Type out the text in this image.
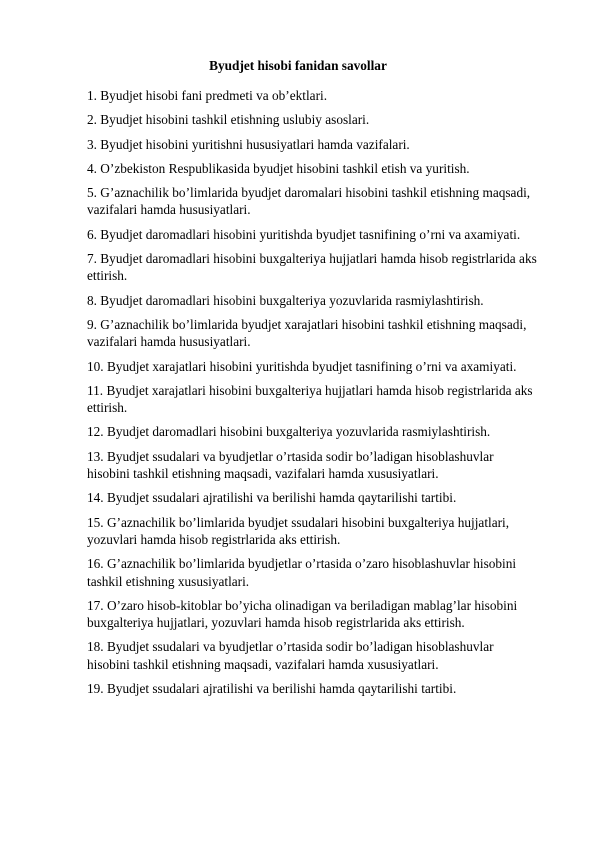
Byudjet hisobi fanidan savollar
1. Byudjet hisobi fani predmeti va ob’еktlari.
2. Byudjet hisobini tashkil etishning uslubiy asoslari.
3. Byudjet hisobini yuritishni hususiyatlari hamda vazifalari.
4. O’zbekiston Respublikasida byudjet hisobini tashkil etish va yuritish.
5. G’aznachilik bo’limlarida byudjet daromalari hisobini tashkil etishning maqsadi, vazifalari hamda hususiyatlari.
6. Byudjet daromadlari hisobini yuritishda byudjet tasnifining o’rni va axamiyati.
7. Byudjet daromadlari hisobini buxgalteriya hujjatlari hamda hisob registrlarida aks ettirish.
8. Byudjet daromadlari hisobini buxgalteriya yozuvlarida rasmiylashtirish.
9. G’aznachilik bo’limlarida byudjet xarajatlari hisobini tashkil etishning maqsadi, vazifalari hamda hususiyatlari.
10. Byudjet xarajatlari hisobini yuritishda byudjet tasnifining o’rni va axamiyati.
11. Byudjet xarajatlari hisobini buxgalteriya hujjatlari hamda hisob registrlarida aks ettirish.
12. Byudjet daromadlari hisobini buxgalteriya yozuvlarida rasmiylashtirish.
13. Byudjet ssudalari va byudjetlar o’rtasida sodir bo’ladigan hisoblashuvlar hisobini tashkil etishning maqsadi, vazifalari hamda xususiyatlari.
14. Byudjet ssudalari ajratilishi va berilishi hamda qaytarilishi tartibi.
15. G’aznachilik bo’limlarida byudjet ssudalari hisobini buxgalteriya hujjatlari, yozuvlari hamda hisob registrlarida aks ettirish.
16. G’aznachilik bo’limlarida byudjetlar o’rtasida o’zaro hisoblashuvlar hisobini tashkil etishning xususiyatlari.
17. O’zaro hisob-kitoblar bo’yicha olinadigan va beriladigan mablag’lar hisobini buxgalteriya hujjatlari, yozuvlari hamda hisob registrlarida aks ettirish.
18. Byudjet ssudalari va byudjetlar o’rtasida sodir bo’ladigan hisoblashuvlar hisobini tashkil etishning maqsadi, vazifalari hamda xususiyatlari.
19. Byudjet ssudalari ajratilishi va berilishi hamda qaytarilishi tartibi.
